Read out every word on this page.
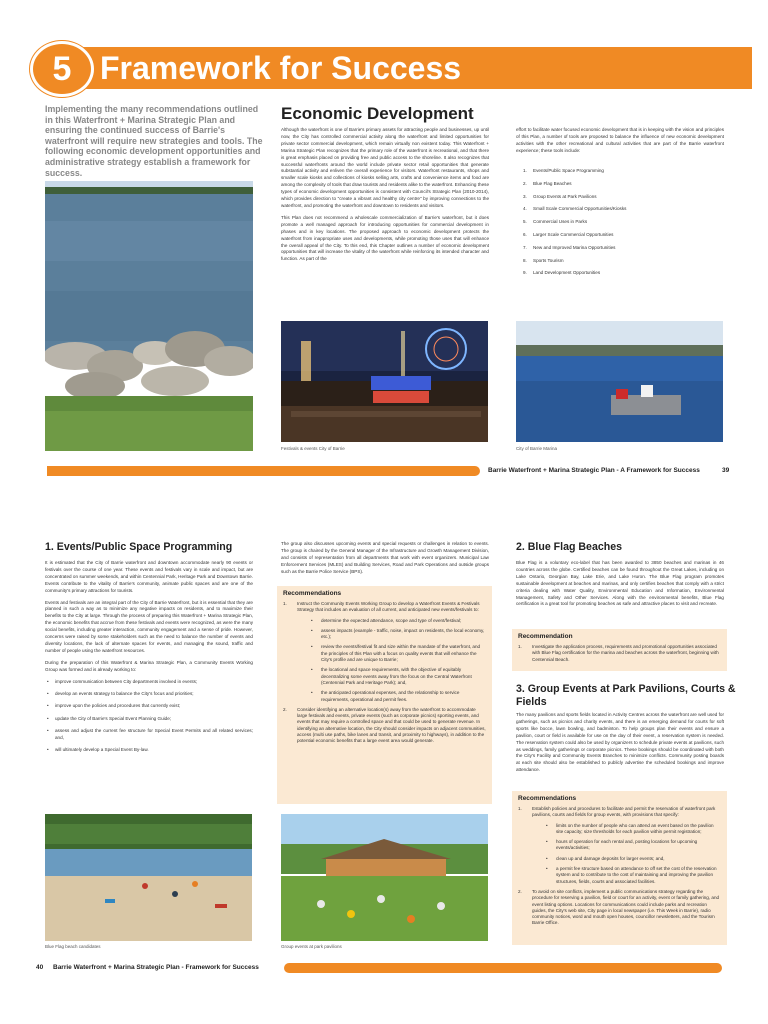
5 Framework for Success
Implementing the many recommendations outlined in this Waterfront + Marina Strategic Plan and ensuring the continued success of Barrie's waterfront will require new strategies and tools. The following economic development opportunities and administrative strategy establish a framework for success.
Economic Development

Although the waterfront is one of Barrie's primary assets for attracting people and businesses, up until now, the City has controlled commercial activity along the waterfront and limited opportunities for private sector commercial development, which remain virtually non existent today. This Waterfront + Marina Strategic Plan recognizes that the primary role of the waterfront is recreational, and that there is great emphasis placed on providing free and public access to the shoreline. It also recognizes that successful waterfronts around the world include private sector retail opportunities that generate substantial activity and enliven the overall experience for visitors. Waterfront restaurants, shops and smaller scale kiosks and collections of kiosks selling arts, crafts and convenience items and food are among the complexity of tools that draw tourists and residents alike to the waterfront. Enhancing these types of economic development opportunities is consistent with Council's Strategic Plan (2010-2014), which provides direction to "create a vibrant and healthy city centre" by improving connections to the waterfront, and promoting the waterfront and downtown to residents and visitors.

This Plan does not recommend a wholescale commercialization of Barrie's waterfront, but it does promote a well managed approach for introducing opportunities for commercial development in phases and in key locations. The proposed approach to economic development protects the waterfront from inappropriate uses and developments, while promoting those uses that will enhance the overall appeal of the City. To this end, this Chapter outlines a number of economic development opportunities that will increase the vitality of the waterfront while reinforcing its intended character and function. As part of the

effort to facilitate water focused economic development that is in keeping with the vision and principles of this Plan, a number of tools are proposed to balance the influence of new economic development activities with the other recreational and cultural activities that are part of the Barrie waterfront experience; these tools include:

1. Events/Public Space Programming
2. Blue Flag Beaches
3. Group Events at Park Pavilions
4. Small Scale Commercial Opportunities/Kiosks
5. Commercial Uses in Parks
6. Larger Scale Commercial Opportunities
7. New and Improved Marina Opportunities
8. Sports Tourism
9. Land Development Opportunities
Festivals & events City of Barrie	City of Barrie Marina
Barrie Waterfront + Marina Strategic Plan - A Framework for Success	39
1. Events/Public Space Programming

It is estimated that the City of Barrie waterfront and downtown accommodate nearly 90 events or festivals over the course of one year. These events and festivals vary in scale and impact, but are concentrated on summer weekends, and within Centennial Park, Heritage Park and Downtown Barrie. Events contribute to the vitality of Barrie's community, animate public spaces and are one of the community's primary attractions for tourists.

Events and festivals are an integral part of the City of Barrie Waterfront, but it is essential that they are planned in such a way as to minimize any negative impacts on residents, and to maximize their benefits to the City at large. Through the process of preparing this Waterfront + Marina Strategic Plan, the economic benefits that accrue from these festivals and events were recognized, as were the many social benefits, including greater interaction, community engagement and a sense of pride. However, concerns were raised by some stakeholders such as the need to balance the number of events and diversity locations, the lack of alternate spaces for events, and managing the sound, traffic and number of people using the waterfront resources.

During the preparation of this Waterfront & Marina Strategic Plan, a Community Events Working Group was formed and is already working to:

• improve communication between City departments involved in events;
• develop an events strategy to balance the City's focus and priorities;
• improve upon the policies and procedures that currently exist;
• update the City of Barrie's Special Event Planning Guide;
• assess and adjust the current fee structure for Special Event Permits and all related services; and,
• will ultimately develop a Special Event By-law.
Blue Flag beach candidates

The group also discusses upcoming events and special requests or challenges in relation to events. The group is chaired by the General Manager of the Infrastructure and Growth Management Division, and consists of representation from all departments that work with event organizers. Municipal Law Enforcement Services (MLES) and Building Services, Road and Park Operations and outside groups such as the Barrie Police Service (BPS).

Recommendations
1. Instruct the Community Events Working Group to develop a Waterfront Events & Festivals Strategy that includes an evaluation of all current, and anticipated new events/festivals to:
• determine the expected attendance, scope and type of event/festival;
• assess impacts (example - traffic, noise, impact on residents, the local economy, etc.);
• review the events/festival fit and size within the mandate of the waterfront, and the principles of this Plan with a focus on quality events that will enhance the City's profile and are unique to Barrie;
• the locational and space requirements, with the objective of equitably decentralizing some events away from the focus on the Central Waterfront (Centennial Park and Heritage Park); and,
• the anticipated operational expenses, and the relationship to service requirements, operational and permit fees.
2. Consider identifying an alternative location(s) away from the waterfront to accommodate large festivals and events, private events (such as corporate picnics) sporting events, and events that may require a controlled space and that could be used to generate revenue. In identifying an alternative location, the City should consider impacts on adjacent communities, access (multi use paths, bike lanes and transit, and proximity to highways), in addition to the potential economic benefits that a large event area would generate.
Group events at park pavilions
2. Blue Flag Beaches

Blue Flag is a voluntary eco-label that has been awarded to 3850 beaches and marinas in 46 countries across the globe. Certified beaches can be found throughout the Great Lakes, including on Lake Ontario, Georgian Bay, Lake Erie, and Lake Huron. The Blue Flag program promotes sustainable development at beaches and marinas, and only certifies beaches that comply with a strict criteria dealing with Water Quality, Environmental Education and Information, Environmental Management, Safety and Other Services. Along with the environmental benefits, Blue Flag certification is a great tool for promoting beaches as safe and attractive places to visit and recreate.

Recommendation
1. Investigate the application process, requirements and promotional opportunities associated with Blue Flag certification for the marina and beaches across the waterfront, beginning with Centennial Beach.
3. Group Events at Park Pavilions, Courts & Fields

The many pavilions and sports fields located in Activity Centres across the waterfront are well used for gatherings, such as picnics and charity events, and there is an emerging demand for courts for soft sports like bocce, lawn bowling, and badminton. To help groups plan their events and ensure a pavilion, court or field is available for use on the day of their event, a reservation system is needed. The reservation system could also be used by organizers to schedule private events at pavilions, such as weddings, family gatherings or corporate picnics. These bookings should be coordinated with both the City's Facility and Community Events Branches to minimize conflicts. Community posting boards at each site should also be established to publicly advertise the scheduled bookings and improve attendance.

Recommendations
1. Establish policies and procedures to facilitate and permit the reservation of waterfront park pavilions, courts and fields for group events, with provisions that specify:
• limits on the number of people who can attend an event based on the pavilion site capacity; size thresholds for each pavilion within permit registration;
• hours of operation for each rental and, posting locations for upcoming events/activities;
• clean up and damage deposits for larger events; and,
• a permit fee structure based on attendance to off set the cost of the reservation system and to contribute to the cost of maintaining and improving the pavilion structures, fields, courts and associated facilities.
2. To avoid on site conflicts, implement a public communications strategy regarding the procedure for reserving a pavilion, field or court for an activity, event or family gathering, and event listing options. Locations for communications could include parks and recreation guides, the City's web site, City page in local newspaper (i.e. This Week in Barrie), radio community notices, word and mouth open houses, councillor newsletters, and the Tourism Barrie Office.
40 Barrie Waterfront + Marina Strategic Plan - Framework for Success
